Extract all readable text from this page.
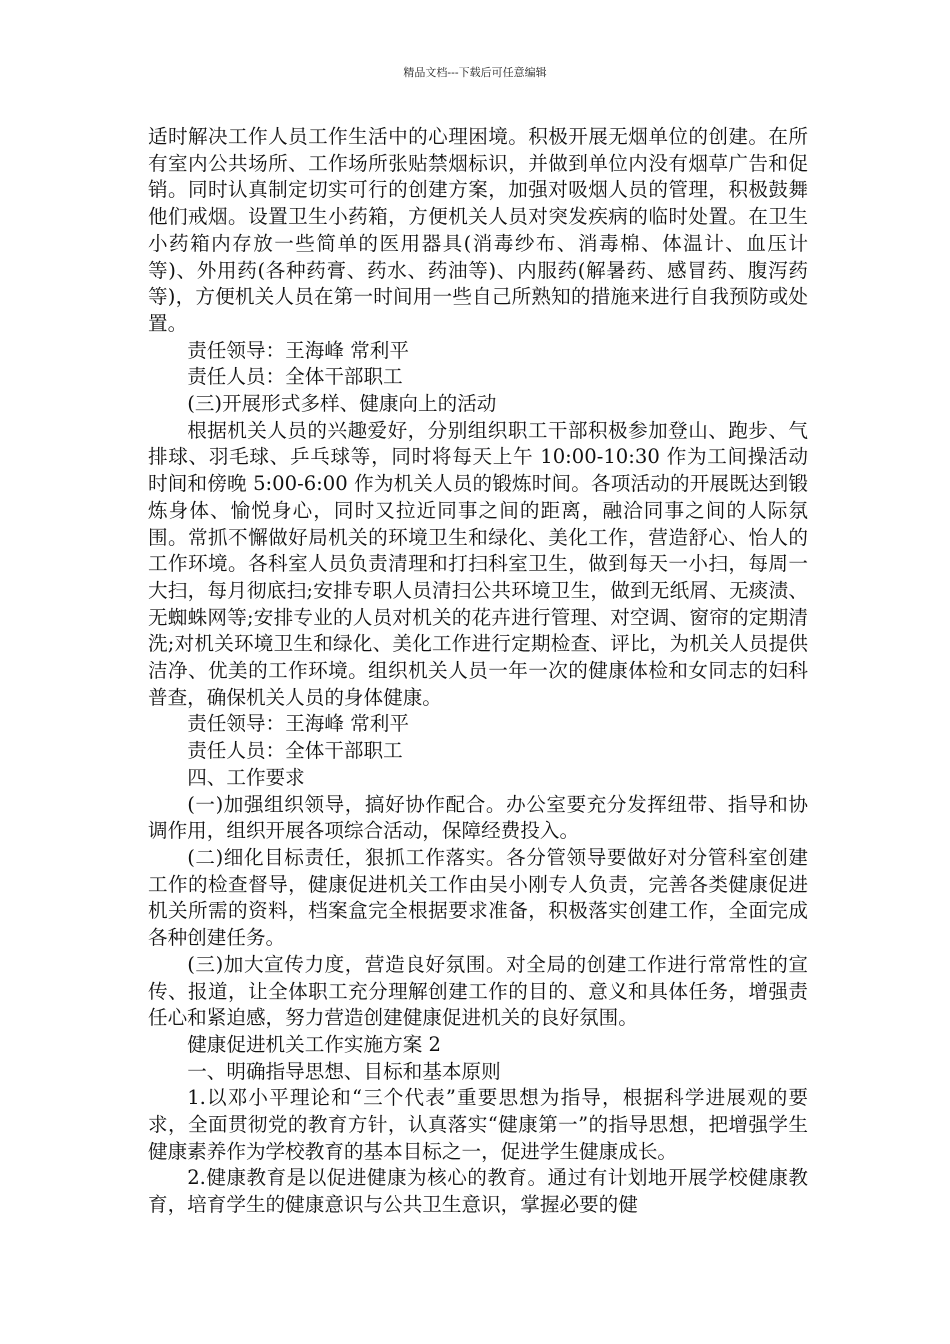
精品文档---下载后可任意编辑

适时解决工作人员工作生活中的心理困境。积极开展无烟单位的创建。在所有室内公共场所、工作场所张贴禁烟标识，并做到单位内没有烟草广告和促销。同时认真制定切实可行的创建方案，加强对吸烟人员的管理，积极鼓舞他们戒烟。设置卫生小药箱，方便机关人员对突发疾病的临时处置。在卫生小药箱内存放一些简单的医用器具(消毒纱布、消毒棉、体温计、血压计等)、外用药(各种药膏、药水、药油等)、内服药(解暑药、感冒药、腹泻药等)，方便机关人员在第一时间用一些自己所熟知的措施来进行自我预防或处置。

责任领导：王海峰 常利平

责任人员：全体干部职工

(三)开展形式多样、健康向上的活动

根据机关人员的兴趣爱好，分别组织职工干部积极参加登山、跑步、气排球、羽毛球、乒乓球等，同时将每天上午 10:00-10:30 作为工间操活动时间和傍晚 5:00-6:00 作为机关人员的锻炼时间。各项活动的开展既达到锻炼身体、愉悦身心，同时又拉近同事之间的距离，融洽同事之间的人际氛围。常抓不懈做好局机关的环境卫生和绿化、美化工作，营造舒心、怡人的工作环境。各科室人员负责清理和打扫科室卫生，做到每天一小扫，每周一大扫，每月彻底扫;安排专职人员清扫公共环境卫生，做到无纸屑、无痰渍、无蜘蛛网等;安排专业的人员对机关的花卉进行管理、对空调、窗帘的定期清洗;对机关环境卫生和绿化、美化工作进行定期检查、评比，为机关人员提供洁净、优美的工作环境。组织机关人员一年一次的健康体检和女同志的妇科普查，确保机关人员的身体健康。

责任领导：王海峰 常利平

责任人员：全体干部职工

四、工作要求

(一)加强组织领导，搞好协作配合。办公室要充分发挥纽带、指导和协调作用，组织开展各项综合活动，保障经费投入。

(二)细化目标责任，狠抓工作落实。各分管领导要做好对分管科室创建工作的检查督导，健康促进机关工作由吴小刚专人负责，完善各类健康促进机关所需的资料，档案盒完全根据要求准备，积极落实创建工作，全面完成各种创建任务。

(三)加大宣传力度，营造良好氛围。对全局的创建工作进行常常性的宣传、报道，让全体职工充分理解创建工作的目的、意义和具体任务，增强责任心和紧迫感，努力营造创建健康促进机关的良好氛围。

健康促进机关工作实施方案 2

一、明确指导思想、目标和基本原则

1.以邓小平理论和“三个代表”重要思想为指导，根据科学进展观的要求，全面贯彻党的教育方针，认真落实“健康第一”的指导思想，把增强学生健康素养作为学校教育的基本目标之一，促进学生健康成长。

2.健康教育是以促进健康为核心的教育。通过有计划地开展学校健康教育，培育学生的健康意识与公共卫生意识，掌握必要的健
